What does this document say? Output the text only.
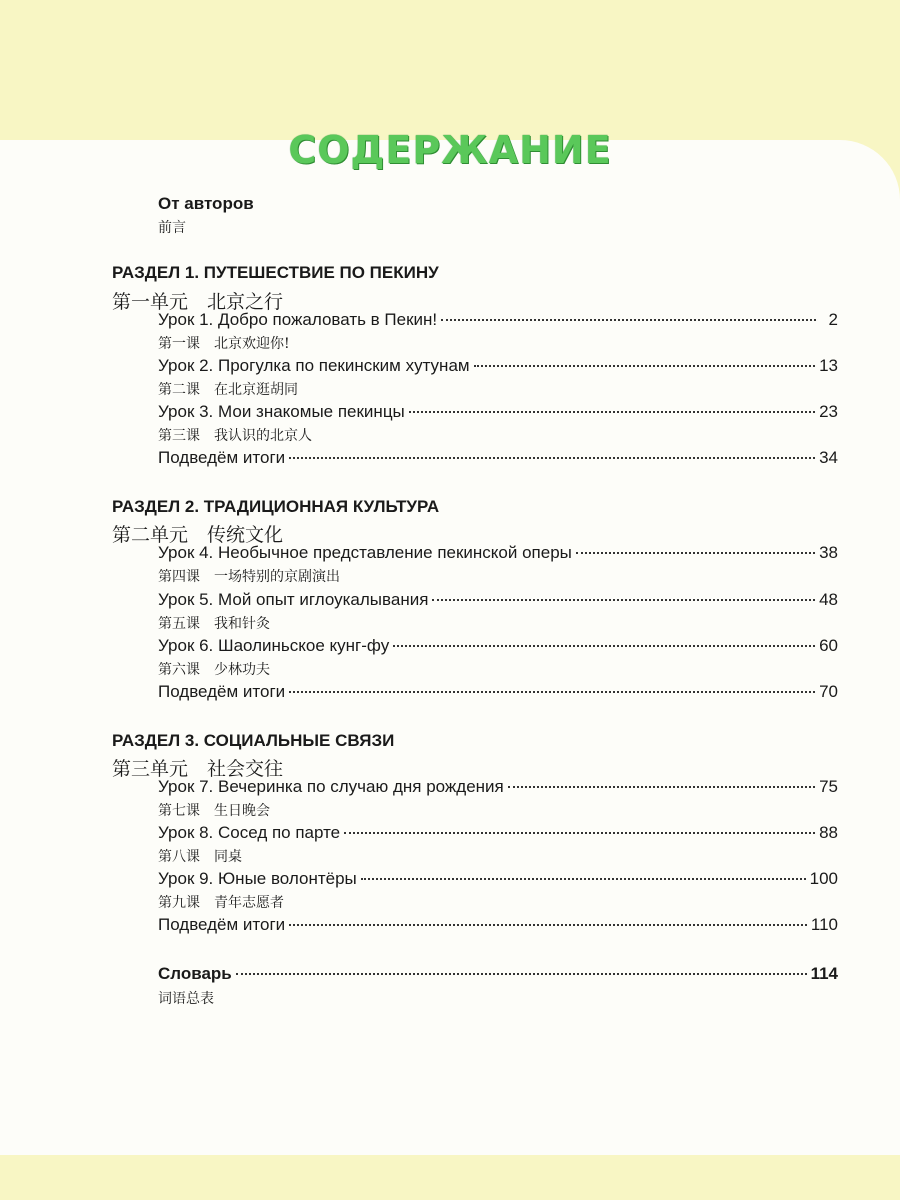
СОДЕРЖАНИЕ
От авторов
前言
РАЗДЕЛ 1. ПУТЕШЕСТВИЕ ПО ПЕКИНУ
第一单元　北京之行
Урок 1. Добро пожаловать в Пекин!	2
第一课　北京欢迎你!
Урок 2. Прогулка по пекинским хутунам	13
第二课　在北京逛胡同
Урок 3. Мои знакомые пекинцы	23
第三课　我认识的北京人
Подведём итоги	34
РАЗДЕЛ 2. ТРАДИЦИОННАЯ КУЛЬТУРА
第二单元　传统文化
Урок 4. Необычное представление пекинской оперы	38
第四课　一场特别的京剧演出
Урок 5. Мой опыт иглоукалывания	48
第五课　我和针灸
Урок 6. Шаолиньское кунг-фу	60
第六课　少林功夫
Подведём итоги	70
РАЗДЕЛ 3. СОЦИАЛЬНЫЕ СВЯЗИ
第三单元　社会交往
Урок 7. Вечеринка по случаю дня рождения	75
第七课　生日晚会
Урок 8. Сосед по парте	88
第八课　同桌
Урок 9. Юные волонтёры	100
第九课　青年志愿者
Подведём итоги	110
Словарь	114
词语总表
